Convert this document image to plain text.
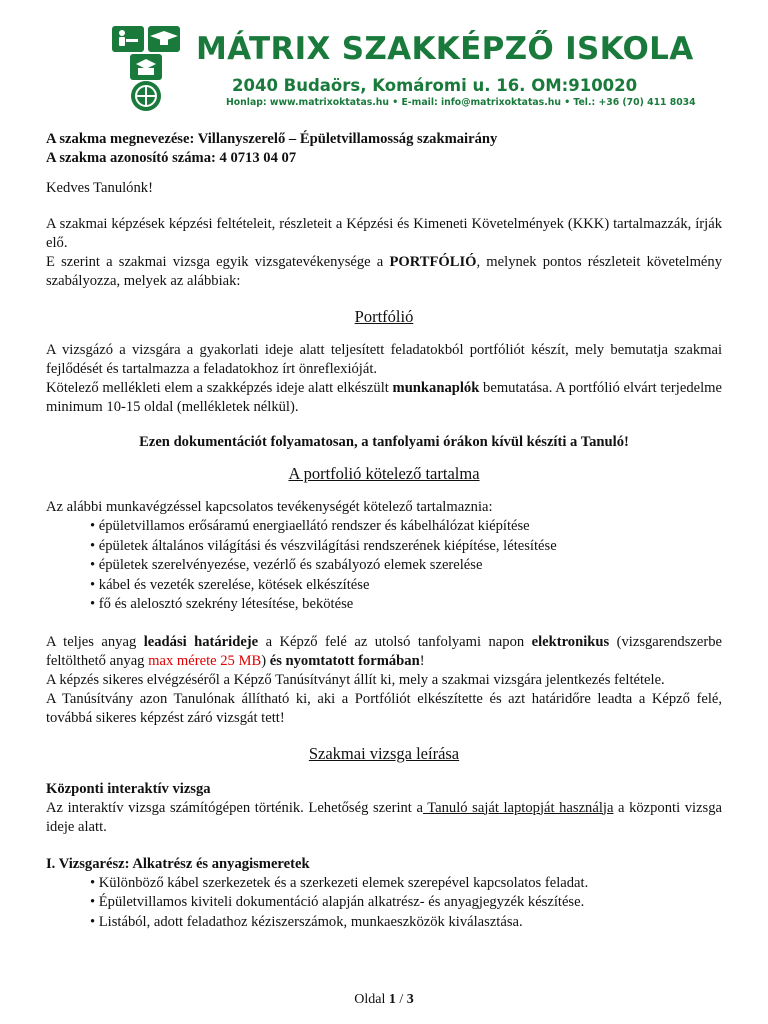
MÁTRIX SZAKKÉPZŐ ISKOLA
2040 Budaörs, Komáromi u. 16. OM:910020
Honlap: www.matrixoktatas.hu • E-mail: info@matrixoktatas.hu • Tel.: +36 (70) 411 8034

A szakma megnevezése: Villanyszerelő – Épületvillamosság szakmairány

A szakma azonosító száma: 4 0713 04 07

Kedves Tanulónk!

A szakmai képzések képzési feltételeit, részleteit a Képzési és Kimeneti Követelmények (KKK) tartalmazzák, írják elő.

E szerint a szakmai vizsga egyik vizsgatevékenysége a PORTFÓLIÓ, melynek pontos részleteit követelmény szabályozza, melyek az alábbiak:

Portfólió

A vizsgázó a vizsgára a gyakorlati ideje alatt teljesített feladatokból portfóliót készít, mely bemutatja szakmai fejlődését és tartalmazza a feladatokhoz írt önreflexióját.

Kötelező mellékleti elem a szakképzés ideje alatt elkészült munkanaplók bemutatása. A portfólió elvárt terjedelme minimum 10-15 oldal (mellékletek nélkül).

Ezen dokumentációt folyamatosan, a tanfolyami órákon kívül készíti a Tanuló!

A portfolió kötelező tartalma

Az alábbi munkavégzéssel kapcsolatos tevékenységét kötelező tartalmaznia:

• épületvillamos erősáramú energiaellátó rendszer és kábelhálózat kiépítése
• épületek általános világítási és vészvilágítási rendszerének kiépítése, létesítése
• épületek szerelvényezése, vezérlő és szabályozó elemek szerelése
• kábel és vezeték szerelése, kötések elkészítése
• fő és alelosztó szekrény létesítése, bekötése

A teljes anyag leadási határideje a Képző felé az utolsó tanfolyami napon elektronikus (vizsgarendszerbe feltölthető anyag max mérete 25 MB) és nyomtatott formában!

A képzés sikeres elvégzéséről a Képző Tanúsítványt állít ki, mely a szakmai vizsgára jelentkezés feltétele.

A Tanúsítvány azon Tanulónak állítható ki, aki a Portfóliót elkészítette és azt határidőre leadta a Képző felé, továbbá sikeres képzést záró vizsgát tett!

Szakmai vizsga leírása

Központi interaktív vizsga

Az interaktív vizsga számítógépen történik. Lehetőség szerint a Tanuló saját laptopját használja a központi vizsga ideje alatt.

I. Vizsgarész: Alkatrész és anyagismeretek

• Különböző kábel szerkezetek és a szerkezeti elemek szerepével kapcsolatos feladat.
• Épületvillamos kiviteli dokumentáció alapján alkatrész- és anyagjegyzék készítése.
• Listából, adott feladathoz kéziszerszámok, munkaeszközök kiválasztása.
Oldal 1 / 3
